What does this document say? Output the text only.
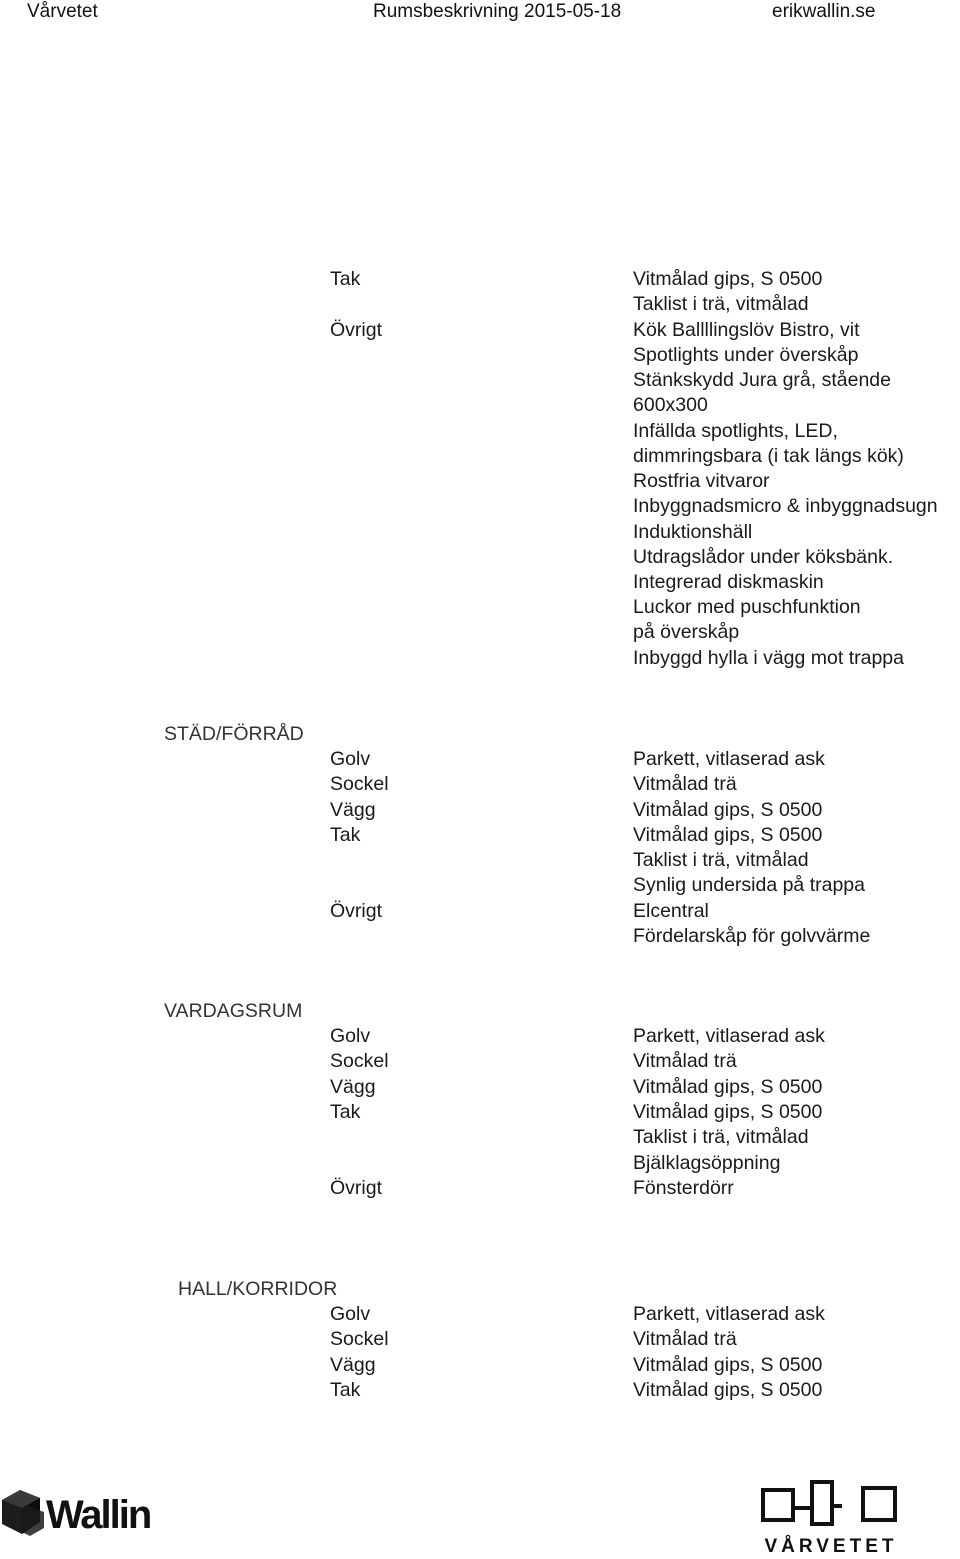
Vårvetet	Rumsbeskrivning 2015-05-18	erikwallin.se
Tak
Övrigt
Vitmålad gips, S 0500
Taklist i trä, vitmålad
Kök Ballllingslöv Bistro, vit
Spotlights under överskåp
Stänkskydd Jura grå, stående
600x300
Infällda spotlights, LED,
dimmringsbara (i tak längs kök)
Rostfria vitvaror
Inbyggnadsmicro & inbyggnadsugn
Induktionshäll
Utdragslådor under köksbänk.
Integrerad diskmaskin
Luckor med puschfunktion
på överskåp
Inbyggd hylla i vägg mot trappa
STÄD/FÖRRÅD
Golv
Sockel
Vägg
Tak
Övrigt
Parkett, vitlaserad ask
Vitmålad trä
Vitmålad gips, S 0500
Vitmålad gips, S 0500
Taklist i trä, vitmålad
Synlig undersida på trappa
Elcentral
Fördelarskåp för golvvärme
VARDAGSRUM
Golv
Sockel
Vägg
Tak
Övrigt
Parkett, vitlaserad ask
Vitmålad trä
Vitmålad gips, S 0500
Vitmålad gips, S 0500
Taklist i trä, vitmålad
Bjälklagsöppning
Fönsterdörr
HALL/KORRIDOR
Golv
Sockel
Vägg
Tak
Parkett, vitlaserad ask
Vitmålad trä
Vitmålad gips, S 0500
Vitmålad gips, S 0500
Wallin
VÅRVETET
